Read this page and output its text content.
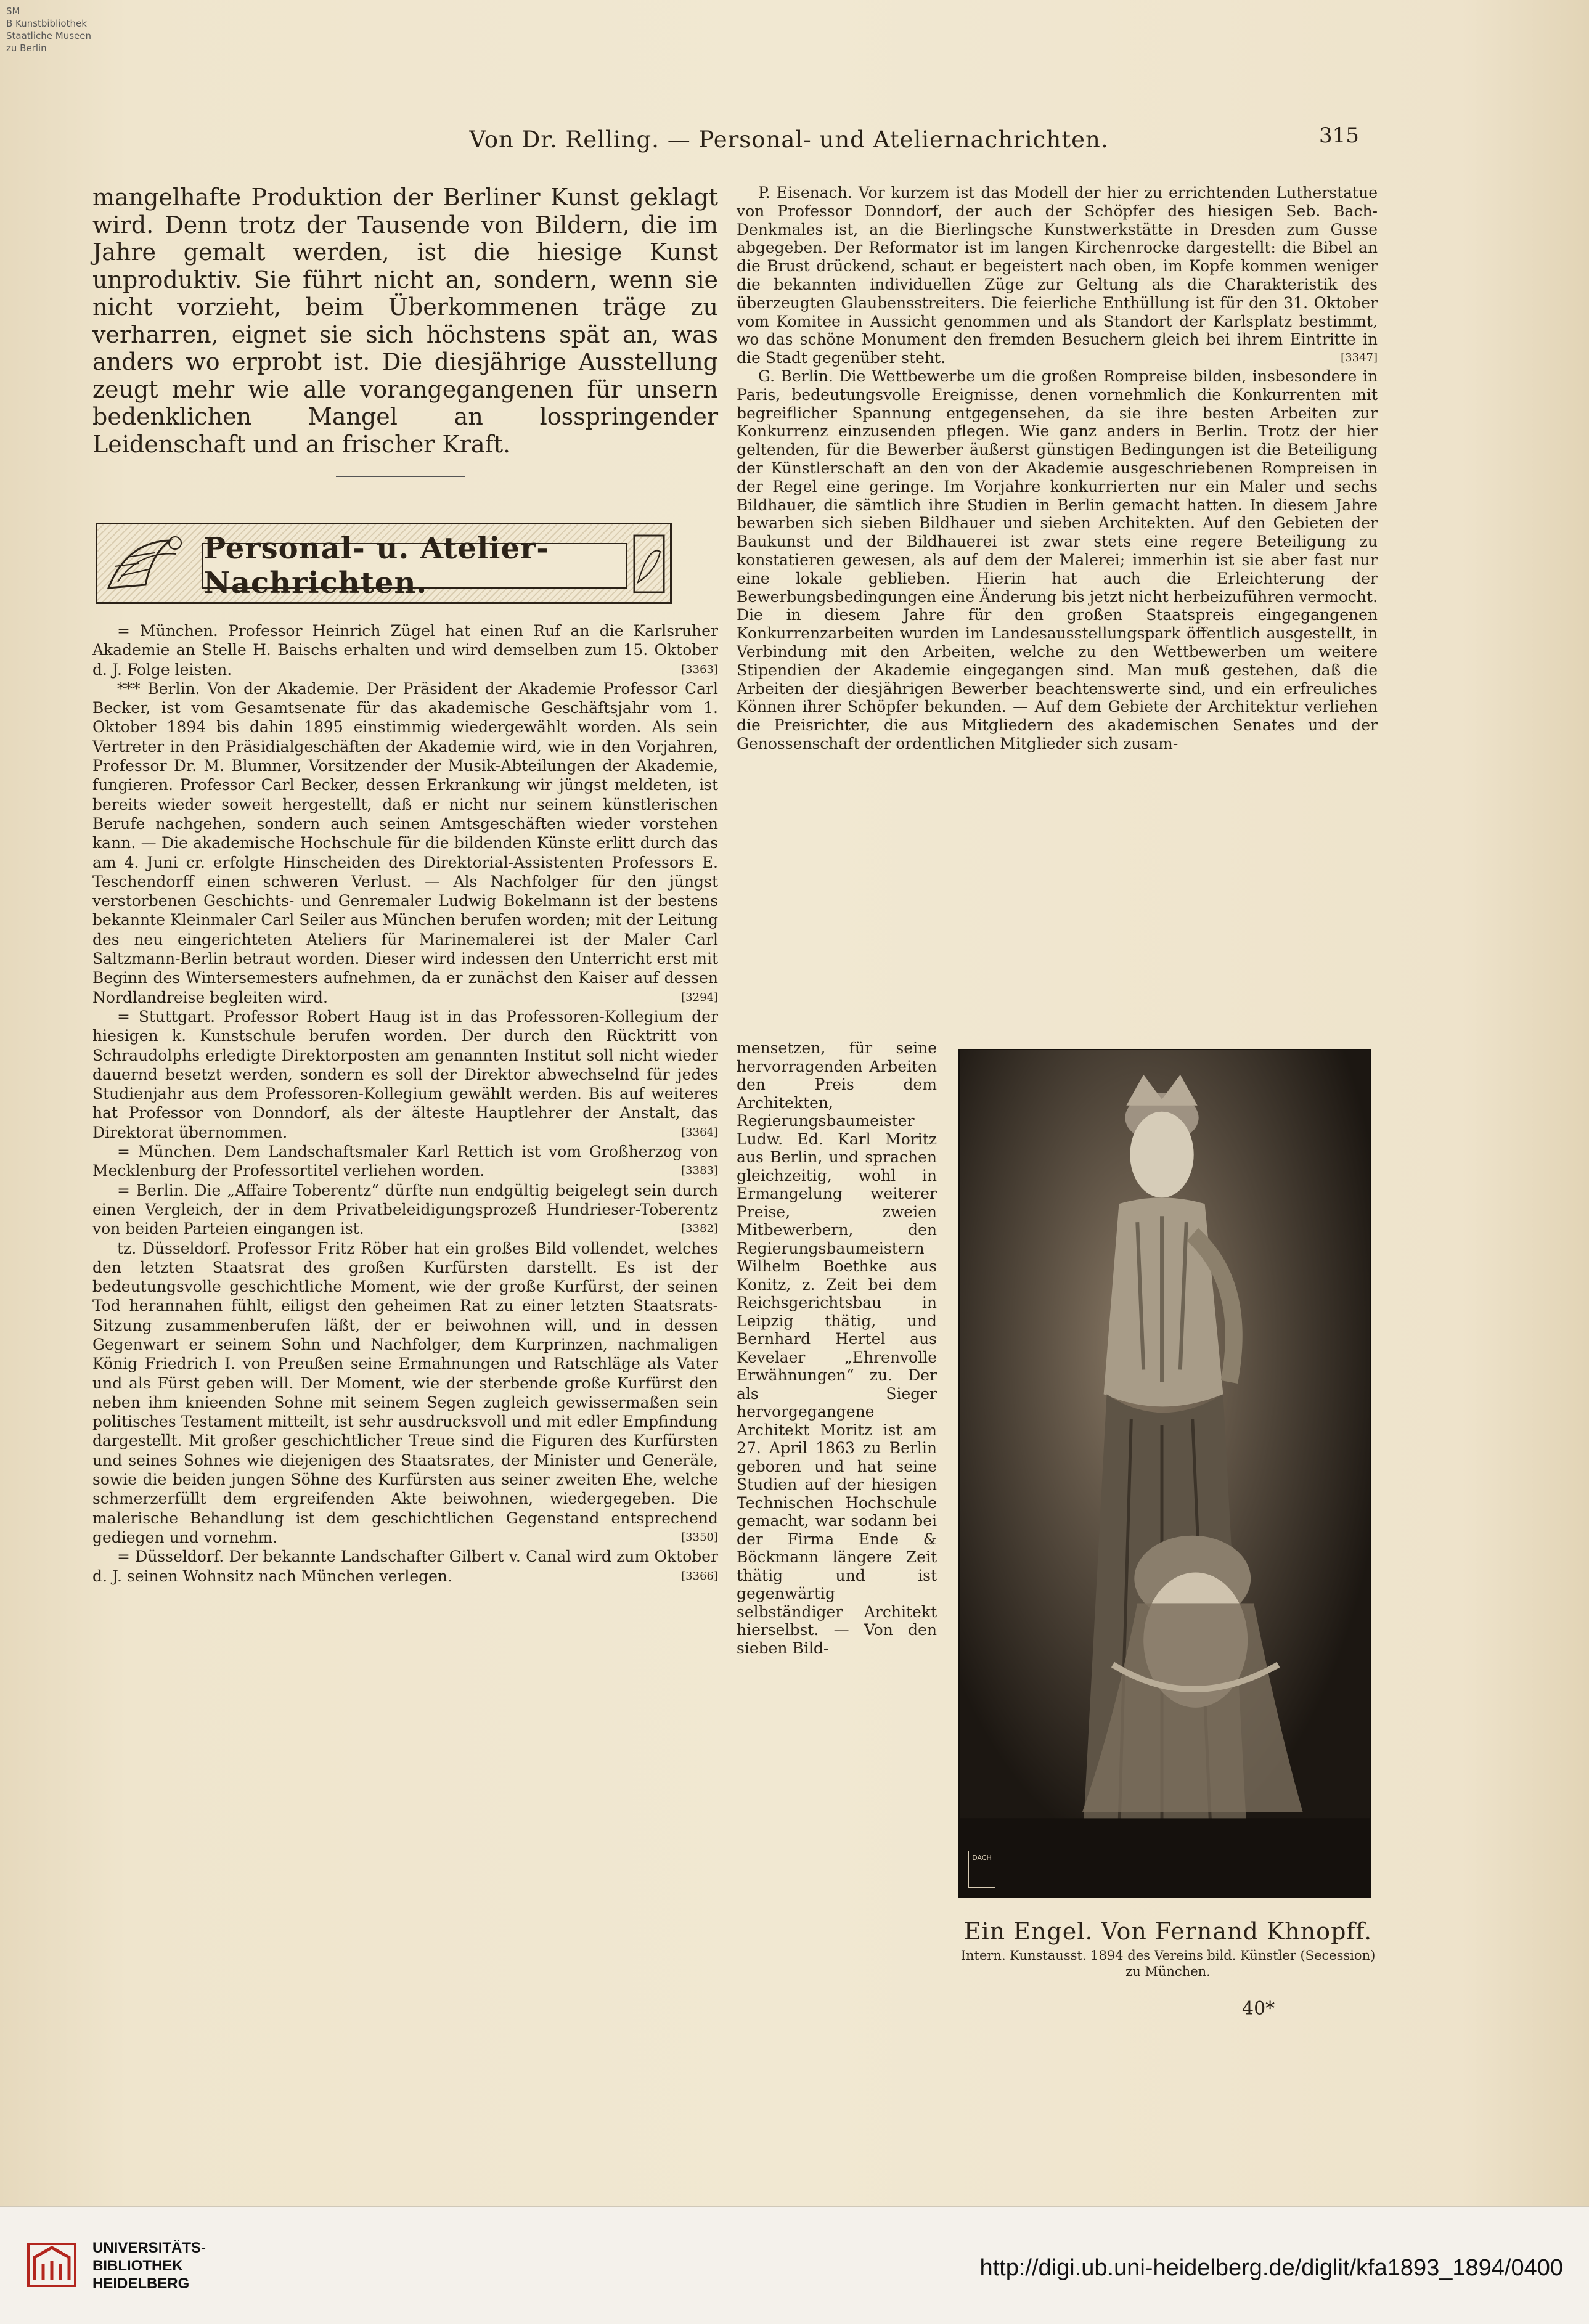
SM
B Kunstbibliothek
Staatliche Museen
zu Berlin
Von Dr. Relling. — Personal- und Ateliernachrichten.	315

mangelhafte Produktion der Berliner Kunst geklagt wird. Denn trotz der Tausende von Bildern, die im Jahre gemalt werden, ist die hiesige Kunst unproduktiv. Sie führt nicht an, sondern, wenn sie nicht vorzieht, beim Überkommenen träge zu verharren, eignet sie sich höchstens spät an, was anders wo erprobt ist. Die diesjährige Ausstellung zeugt mehr wie alle vorangegangenen für unsern bedenklichen Mangel an losspringender Leidenschaft und an frischer Kraft.

Personal- u. Atelier-Nachrichten.

= München. Professor Heinrich Zügel hat einen Ruf an die Karlsruher Akademie an Stelle H. Baischs erhalten und wird demselben zum 15. Oktober d. J. Folge leisten.	[3363]

*** Berlin. Von der Akademie. Der Präsident der Akademie Professor Carl Becker, ist vom Gesamtsenate für das akademische Geschäftsjahr vom 1. Oktober 1894 bis dahin 1895 einstimmig wiedergewählt worden. Als sein Vertreter in den Präsidialgeschäften der Akademie wird, wie in den Vorjahren, Professor Dr. M. Blumner, Vorsitzender der Musik-Abteilungen der Akademie, fungieren. Professor Carl Becker, dessen Erkrankung wir jüngst meldeten, ist bereits wieder soweit hergestellt, daß er nicht nur seinem künstlerischen Berufe nachgehen, sondern auch seinen Amtsgeschäften wieder vorstehen kann. — Die akademische Hochschule für die bildenden Künste erlitt durch das am 4. Juni cr. erfolgte Hinscheiden des Direktorial-Assistenten Professors E. Teschendorff einen schweren Verlust. — Als Nachfolger für den jüngst verstorbenen Geschichts- und Genremaler Ludwig Bokelmann ist der bestens bekannte Kleinmaler Carl Seiler aus München berufen worden; mit der Leitung des neu eingerichteten Ateliers für Marinemalerei ist der Maler Carl Saltzmann-Berlin betraut worden. Dieser wird indessen den Unterricht erst mit Beginn des Wintersemesters aufnehmen, da er zunächst den Kaiser auf dessen Nordlandreise begleiten wird.	[3294]

= Stuttgart. Professor Robert Haug ist in das Professoren-Kollegium der hiesigen k. Kunstschule berufen worden. Der durch den Rücktritt von Schraudolphs erledigte Direktorposten am genannten Institut soll nicht wieder dauernd besetzt werden, sondern es soll der Direktor abwechselnd für jedes Studienjahr aus dem Professoren-Kollegium gewählt werden. Bis auf weiteres hat Professor von Donndorf, als der älteste Hauptlehrer der Anstalt, das Direktorat übernommen.	[3364]

= München. Dem Landschaftsmaler Karl Rettich ist vom Großherzog von Mecklenburg der Professortitel verliehen worden.	[3383]

= Berlin. Die „Affaire Toberentz“ dürfte nun endgültig beigelegt sein durch einen Vergleich, der in dem Privatbeleidigungsprozeß Hundrieser-Toberentz von beiden Parteien eingangen ist.	[3382]

tz. Düsseldorf. Professor Fritz Röber hat ein großes Bild vollendet, welches den letzten Staatsrat des großen Kurfürsten darstellt. Es ist der bedeutungsvolle geschichtliche Moment, wie der große Kurfürst, der seinen Tod herannahen fühlt, eiligst den geheimen Rat zu einer letzten Staatsrats-Sitzung zusammenberufen läßt, der er beiwohnen will, und in dessen Gegenwart er seinem Sohn und Nachfolger, dem Kurprinzen, nachmaligen König Friedrich I. von Preußen seine Ermahnungen und Ratschläge als Vater und als Fürst geben will. Der Moment, wie der sterbende große Kurfürst den neben ihm knieenden Sohne mit seinem Segen zugleich gewissermaßen sein politisches Testament mitteilt, ist sehr ausdrucksvoll und mit edler Empfindung dargestellt. Mit großer geschichtlicher Treue sind die Figuren des Kurfürsten und seines Sohnes wie diejenigen des Staatsrates, der Minister und Generäle, sowie die beiden jungen Söhne des Kurfürsten aus seiner zweiten Ehe, welche schmerzerfüllt dem ergreifenden Akte beiwohnen, wiedergegeben. Die malerische Behandlung ist dem geschichtlichen Gegenstand entsprechend gediegen und vornehm.	[3350]

= Düsseldorf. Der bekannte Landschafter Gilbert v. Canal wird zum Oktober d. J. seinen Wohnsitz nach München verlegen.	[3366]

P. Eisenach. Vor kurzem ist das Modell der hier zu errichtenden Lutherstatue von Professor Donndorf, der auch der Schöpfer des hiesigen Seb. Bach-Denkmales ist, an die Bierlingsche Kunstwerkstätte in Dresden zum Gusse abgegeben. Der Reformator ist im langen Kirchenrocke dargestellt: die Bibel an die Brust drückend, schaut er begeistert nach oben, im Kopfe kommen weniger die bekannten individuellen Züge zur Geltung als die Charakteristik des überzeugten Glaubensstreiters. Die feierliche Enthüllung ist für den 31. Oktober vom Komitee in Aussicht genommen und als Standort der Karlsplatz bestimmt, wo das schöne Monument den fremden Besuchern gleich bei ihrem Eintritte in die Stadt gegenüber steht.	[3347]

G. Berlin. Die Wettbewerbe um die großen Rompreise bilden, insbesondere in Paris, bedeutungsvolle Ereignisse, denen vornehmlich die Konkurrenten mit begreiflicher Spannung entgegensehen, da sie ihre besten Arbeiten zur Konkurrenz einzusenden pflegen. Wie ganz anders in Berlin. Trotz der hier geltenden, für die Bewerber äußerst günstigen Bedingungen ist die Beteiligung der Künstlerschaft an den von der Akademie ausgeschriebenen Rompreisen in der Regel eine geringe. Im Vorjahre konkurrierten nur ein Maler und sechs Bildhauer, die sämtlich ihre Studien in Berlin gemacht hatten. In diesem Jahre bewarben sich sieben Bildhauer und sieben Architekten. Auf den Gebieten der Baukunst und der Bildhauerei ist zwar stets eine regere Beteiligung zu konstatieren gewesen, als auf dem der Malerei; immerhin ist sie aber fast nur eine lokale geblieben. Hierin hat auch die Erleichterung der Bewerbungsbedingungen eine Änderung bis jetzt nicht herbeizuführen vermocht. Die in diesem Jahre für den großen Staatspreis eingegangenen Konkurrenzarbeiten wurden im Landesausstellungspark öffentlich ausgestellt, in Verbindung mit den Arbeiten, welche zu den Wettbewerben um weitere Stipendien der Akademie eingegangen sind. Man muß gestehen, daß die Arbeiten der diesjährigen Bewerber beachtenswerte sind, und ein erfreuliches Können ihrer Schöpfer bekunden. — Auf dem Gebiete der Architektur verliehen die Preisrichter, die aus Mitgliedern des akademischen Senates und der Genossenschaft der ordentlichen Mitglieder sich zusam-

mensetzen, für seine hervorragenden Arbeiten den Preis dem Architekten, Regierungsbaumeister Ludw. Ed. Karl Moritz aus Berlin, und sprachen gleichzeitig, wohl in Ermangelung weiterer Preise, zweien Mitbewerbern, den Regierungsbaumeistern Wilhelm Boethke aus Konitz, z. Zeit bei dem Reichsgerichtsbau in Leipzig thätig, und Bernhard Hertel aus Kevelaer „Ehrenvolle Erwähnungen“ zu. Der als Sieger hervorgegangene Architekt Moritz ist am 27. April 1863 zu Berlin geboren und hat seine Studien auf der hiesigen Technischen Hochschule gemacht, war sodann bei der Firma Ende & Böckmann längere Zeit thätig und ist gegenwärtig selbständiger Architekt hierselbst. — Von den sieben Bild-
DACH
Ein Engel. Von Fernand Khnopff.
Intern. Kunstausst. 1894 des Vereins bild. Künstler (Secession) zu München.
40*
UNIVERSITÄTS-
BIBLIOTHEK
HEIDELBERG
http://digi.ub.uni-heidelberg.de/diglit/kfa1893_1894/0400
